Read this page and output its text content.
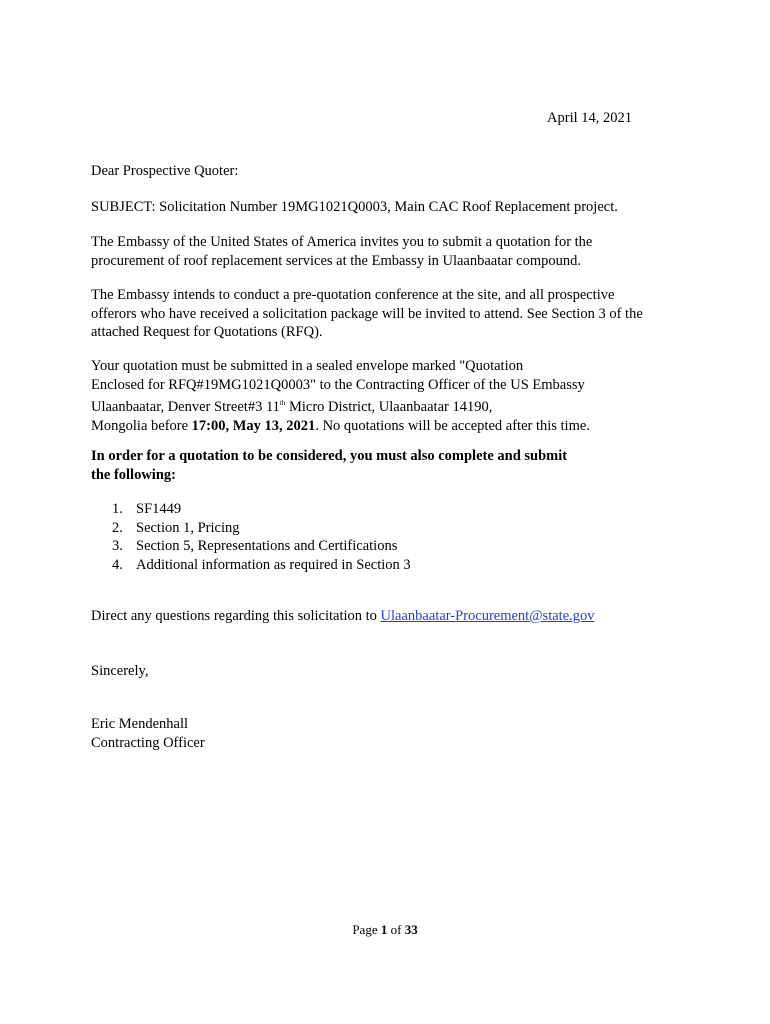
April 14, 2021

Dear Prospective Quoter:

SUBJECT: Solicitation Number 19MG1021Q0003, Main CAC Roof Replacement project.

The Embassy of the United States of America invites you to submit a quotation for the
procurement of roof replacement services at the Embassy in Ulaanbaatar compound.

The Embassy intends to conduct a pre-quotation conference at the site, and all prospective
offerors who have received a solicitation package will be invited to attend. See Section 3 of the
attached Request for Quotations (RFQ).

Your quotation must be submitted in a sealed envelope marked "Quotation
Enclosed for RFQ#19MG1021Q0003" to the Contracting Officer of the US Embassy
Ulaanbaatar, Denver Street#3 11th Micro District, Ulaanbaatar 14190,
Mongolia before 17:00, May 13, 2021. No quotations will be accepted after this time.

In order for a quotation to be considered, you must also complete and submit
the following:

1. SF1449
2. Section 1, Pricing
3. Section 5, Representations and Certifications
4. Additional information as required in Section 3

Direct any questions regarding this solicitation to Ulaanbaatar-Procurement@state.gov

Sincerely,

Eric Mendenhall
Contracting Officer

Page 1 of 33
